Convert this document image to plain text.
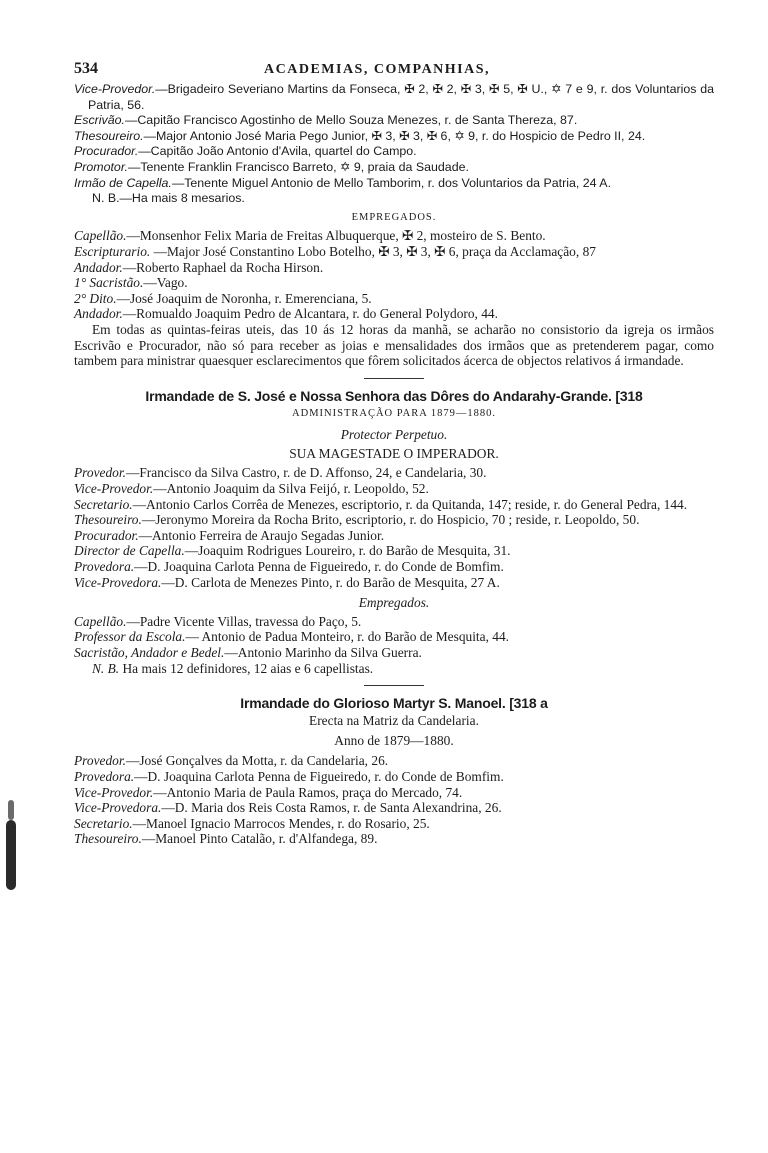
534	ACADEMIAS, COMPANHIAS,

Vice-Provedor.—Brigadeiro Severiano Martins da Fonseca, ✠ 2, ✠ 2, ✠ 3, ✠ 5, ✠ U., ✡ 7 e 9, r. dos Voluntarios da Patria, 56.

Escrivão.—Capitão Francisco Agostinho de Mello Souza Menezes, r. de Santa Thereza, 87.

Thesoureiro.—Major Antonio José Maria Pego Junior, ✠ 3, ✠ 3, ✠ 6, ✡ 9, r. do Hospicio de Pedro II, 24.

Procurador.—Capitão João Antonio d'Avila, quartel do Campo.

Promotor.—Tenente Franklin Francisco Barreto, ✡ 9, praia da Saudade.

Irmão de Capella.—Tenente Miguel Antonio de Mello Tamborim, r. dos Voluntarios da Patria, 24 A.

N. B.—Ha mais 8 mesarios.

EMPREGADOS.

Capellão.—Monsenhor Felix Maria de Freitas Albuquerque, ✠ 2, mosteiro de S. Bento.

Escripturario. —Major José Constantino Lobo Botelho, ✠ 3, ✠ 3, ✠ 6, praça da Acclamação, 87

Andador.—Roberto Raphael da Rocha Hirson.

1° Sacristão.—Vago.

2° Dito.—José Joaquim de Noronha, r. Emerenciana, 5.

Andador.—Romualdo Joaquim Pedro de Alcantara, r. do General Polydoro, 44.

Em todas as quintas-feiras uteis, das 10 ás 12 horas da manhã, se acharão no consistorio da igreja os irmãos Escrivão e Procurador, não só para receber as joias e mensalidades dos irmãos que as pretenderem pagar, como tambem para ministrar quaesquer esclarecimentos que fôrem solicitados ácerca de objectos relativos á irmandade.

Irmandade de S. José e Nossa Senhora das Dôres do Andarahy-Grande. [318
ADMINISTRAÇÃO PARA 1879—1880.
Protector Perpetuo.
SUA MAGESTADE O IMPERADOR.

Provedor.—Francisco da Silva Castro, r. de D. Affonso, 24, e Candelaria, 30.

Vice-Provedor.—Antonio Joaquim da Silva Feijó, r. Leopoldo, 52.

Secretario.—Antonio Carlos Corrêa de Menezes, escriptorio, r. da Quitanda, 147; reside, r. do General Pedra, 144.

Thesoureiro.—Jeronymo Moreira da Rocha Brito, escriptorio, r. do Hospicio, 70 ; reside, r. Leopoldo, 50.

Procurador.—Antonio Ferreira de Araujo Segadas Junior.

Director de Capella.—Joaquim Rodrigues Loureiro, r. do Barão de Mesquita, 31.

Provedora.—D. Joaquina Carlota Penna de Figueiredo, r. do Conde de Bomfim.

Vice-Provedora.—D. Carlota de Menezes Pinto, r. do Barão de Mesquita, 27 A.

Empregados.

Capellão.—Padre Vicente Villas, travessa do Paço, 5.

Professor da Escola.— Antonio de Padua Monteiro, r. do Barão de Mesquita, 44.

Sacristão, Andador e Bedel.—Antonio Marinho da Silva Guerra.

N. B. Ha mais 12 definidores, 12 aias e 6 capellistas.

Irmandade do Glorioso Martyr S. Manoel. [318 a
Erecta na Matriz da Candelaria.
Anno de 1879—1880.

Provedor.—José Gonçalves da Motta, r. da Candelaria, 26.

Provedora.—D. Joaquina Carlota Penna de Figueiredo, r. do Conde de Bomfim.

Vice-Provedor.—Antonio Maria de Paula Ramos, praça do Mercado, 74.

Vice-Provedora.—D. Maria dos Reis Costa Ramos, r. de Santa Alexandrina, 26.

Secretario.—Manoel Ignacio Marrocos Mendes, r. do Rosario, 25.

Thesoureiro.—Manoel Pinto Catalão, r. d'Alfandega, 89.
